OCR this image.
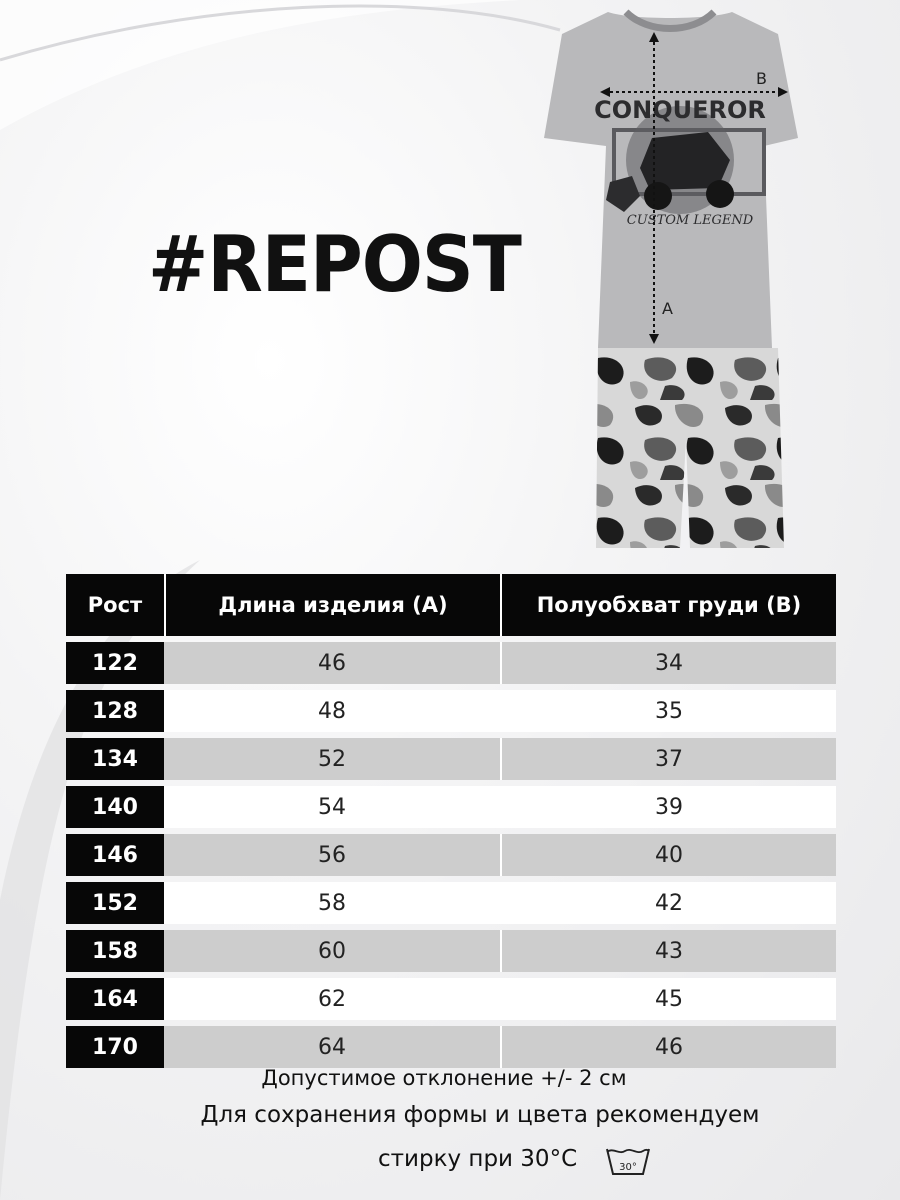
#REPOST
CONQUEROR
CUSTOM LEGEND
B
A
Рост	Длина изделия (А)	Полуобхват груди (В)
122	46	34
128	48	35
134	52	37
140	54	39
146	56	40
152	58	42
158	60	43
164	62	45
170	64	46
Допустимое отклонение +/- 2 см
Для сохранения формы и цвета рекомендуем
стирку при 30°С	30°
